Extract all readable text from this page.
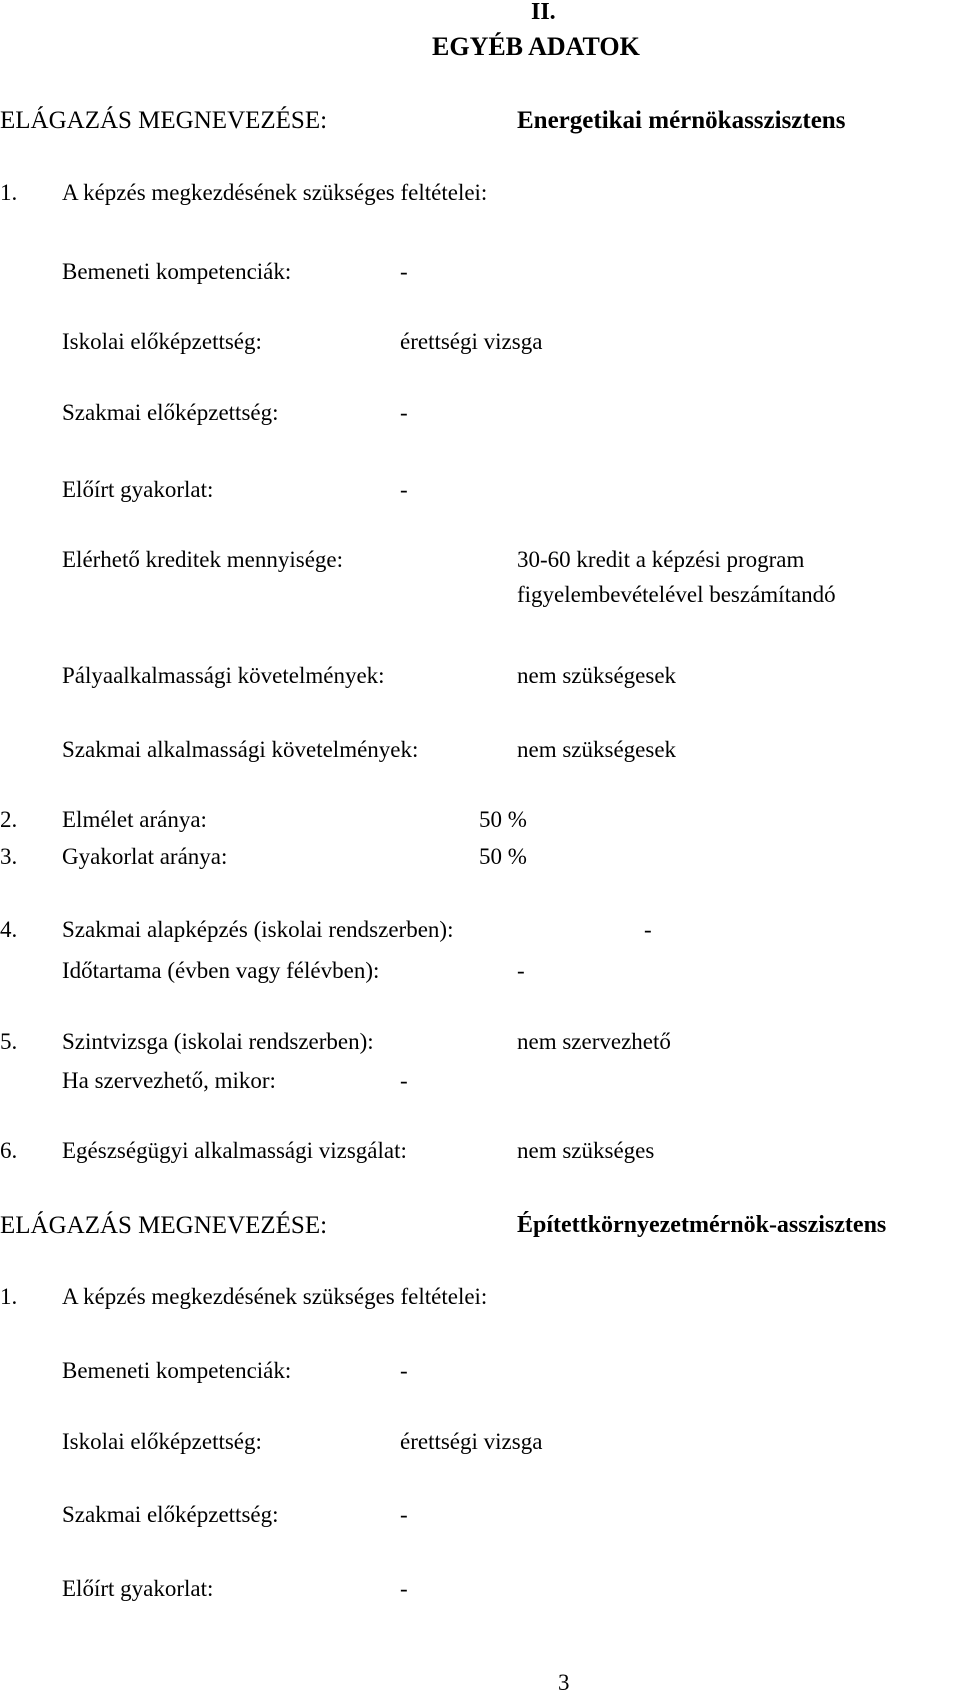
II.
EGYÉB ADATOK
ELÁGAZÁS MEGNEVEZÉSE:	Energetikai mérnökasszisztens
1. A képzés megkezdésének szükséges feltételei:
Bemeneti kompetenciák:	-
Iskolai előképzettség:	érettségi vizsga
Szakmai előképzettség:	-
Előírt gyakorlat:	-
Elérhető kreditek mennyisége:	30-60 kredit a képzési program
figyelembevételével beszámítandó
Pályaalkalmassági követelmények:	nem szükségesek
Szakmai alkalmassági követelmények:	nem szükségesek
2. Elmélet aránya:	50 %
3. Gyakorlat aránya:	50 %
4. Szakmai alapképzés (iskolai rendszerben):	-
Időtartama (évben vagy félévben):	-
5. Szintvizsga (iskolai rendszerben):	nem szervezhető
Ha szervezhető, mikor:	-
6. Egészségügyi alkalmassági vizsgálat:	nem szükséges
ELÁGAZÁS MEGNEVEZÉSE:	Építettkörnyezetmérnök-asszisztens
1. A képzés megkezdésének szükséges feltételei:
Bemeneti kompetenciák:	-
Iskolai előképzettség:	érettségi vizsga
Szakmai előképzettség:	-
Előírt gyakorlat:	-
3
